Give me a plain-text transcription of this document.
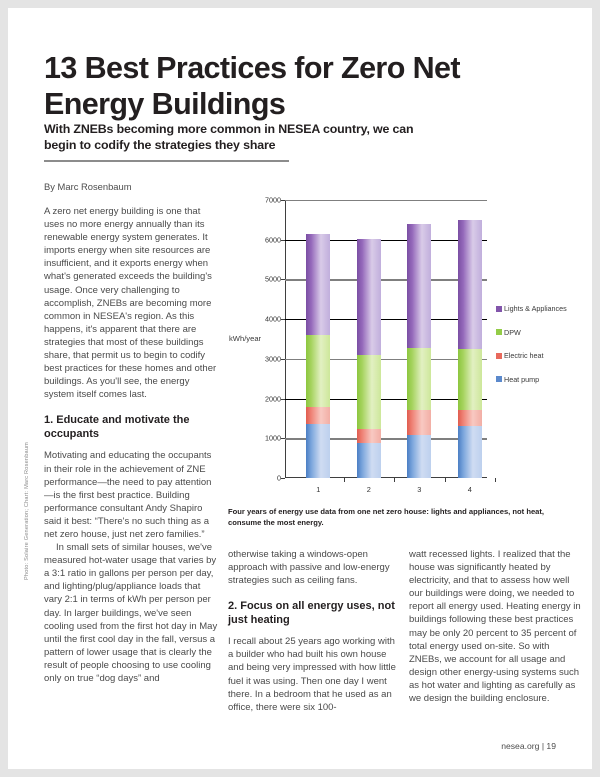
13 Best Practices for Zero Net Energy Buildings
With ZNEBs becoming more common in NESEA country, we can begin to codify the strategies they share
By Marc Rosenbaum

A zero net energy building is one that uses no more energy annually than its renewable energy system generates. It imports energy when site resources are insufficient, and it exports energy when what's generated exceeds the building's usage. Once very challenging to accomplish, ZNEBs are becoming more common in NESEA's region. As this happens, it's apparent that there are strategies that most of these buildings share, that permit us to begin to codify best practices for these homes and other buildings. As you'll see, the energy system itself comes last.

1. Educate and motivate the occupants

Motivating and educating the occupants in their role in the achievement of ZNE performance—the need to pay attention—is the first best practice. Building performance consultant Andy Shapiro said it best: “There's no such thing as a net zero house, just net zero families.”

In small sets of similar houses, we've measured hot-water usage that varies by a 3:1 ratio in gallons per person per day, and lighting/plug/appliance loads that vary 2:1 in terms of kWh per person per day. In larger buildings, we've seen cooling used from the first hot day in May until the first cool day in the fall, versus a pattern of lower usage that is clearly the result of people choosing to use cooling only on true “dog days” and

Photo: Solaire Generation; Chart: Marc Rosenbaum
kWh/year
0
1000
2000
3000
4000
5000
6000
7000
1	2	3	4
Lights & Appliances
DPW
Electric heat
Heat pump
Four years of energy use data from one net zero house: lights and appliances, not heat, consume the most energy.

otherwise taking a windows-open approach with passive and low-energy strategies such as ceiling fans.

2. Focus on all energy uses, not just heating

I recall about 25 years ago working with a builder who had built his own house and being very impressed with how little fuel it was using. Then one day I went there. In a bedroom that he used as an office, there were six 100-

watt recessed lights. I realized that the house was significantly heated by electricity, and that to assess how well our buildings were doing, we needed to report all energy used. Heating energy in buildings following these best practices may be only 20 percent to 35 percent of total energy used on-site. So with ZNEBs, we account for all usage and design other energy-using systems such as hot water and lighting as carefully as we design the building enclosure.

nesea.org | 19
